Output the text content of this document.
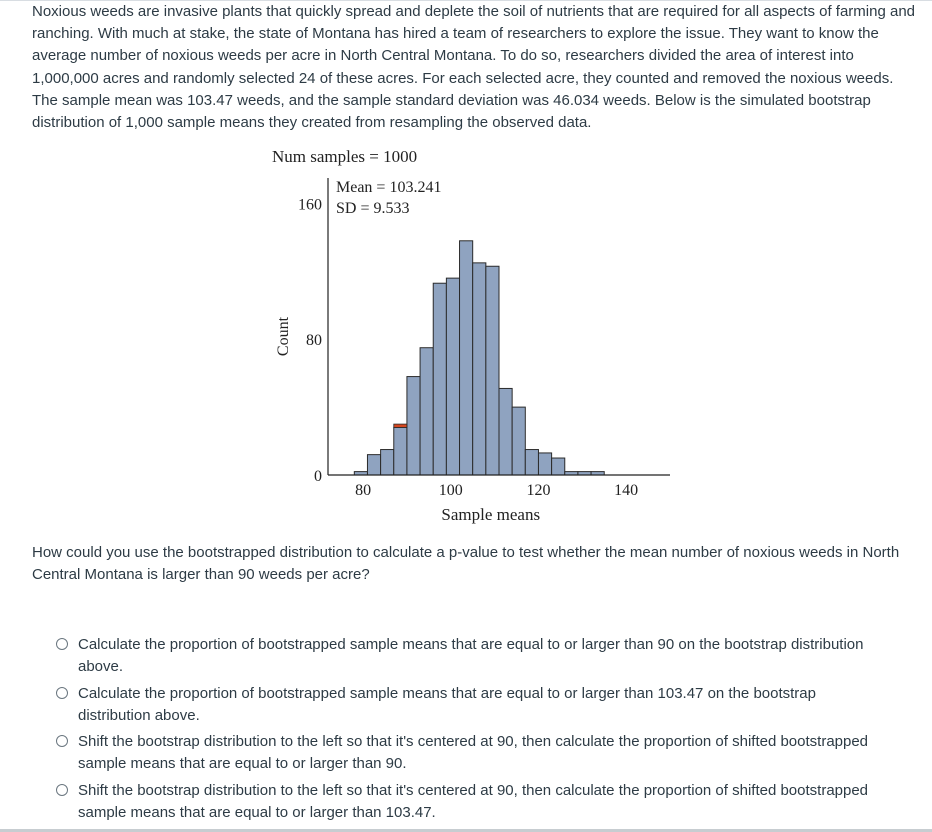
Noxious weeds are invasive plants that quickly spread and deplete the soil of nutrients that are required for all aspects of farming and ranching. With much at stake, the state of Montana has hired a team of researchers to explore the issue. They want to know the average number of noxious weeds per acre in North Central Montana. To do so, researchers divided the area of interest into 1,000,000 acres and randomly selected 24 of these acres. For each selected acre, they counted and removed the noxious weeds. The sample mean was 103.47 weeds, and the sample standard deviation was 46.034 weeds. Below is the simulated bootstrap distribution of 1,000 sample means they created from resampling the observed data.

Num samples = 1000
Mean = 103.241
SD = 9.533
Count
Sample means
80	100	120	140
0
80
160

How could you use the bootstrapped distribution to calculate a p-value to test whether the mean number of noxious weeds in North Central Montana is larger than 90 weeds per acre?

Calculate the proportion of bootstrapped sample means that are equal to or larger than 90 on the bootstrap distribution above.
Calculate the proportion of bootstrapped sample means that are equal to or larger than 103.47 on the bootstrap distribution above.
Shift the bootstrap distribution to the left so that it's centered at 90, then calculate the proportion of shifted bootstrapped sample means that are equal to or larger than 90.
Shift the bootstrap distribution to the left so that it's centered at 90, then calculate the proportion of shifted bootstrapped sample means that are equal to or larger than 103.47.
